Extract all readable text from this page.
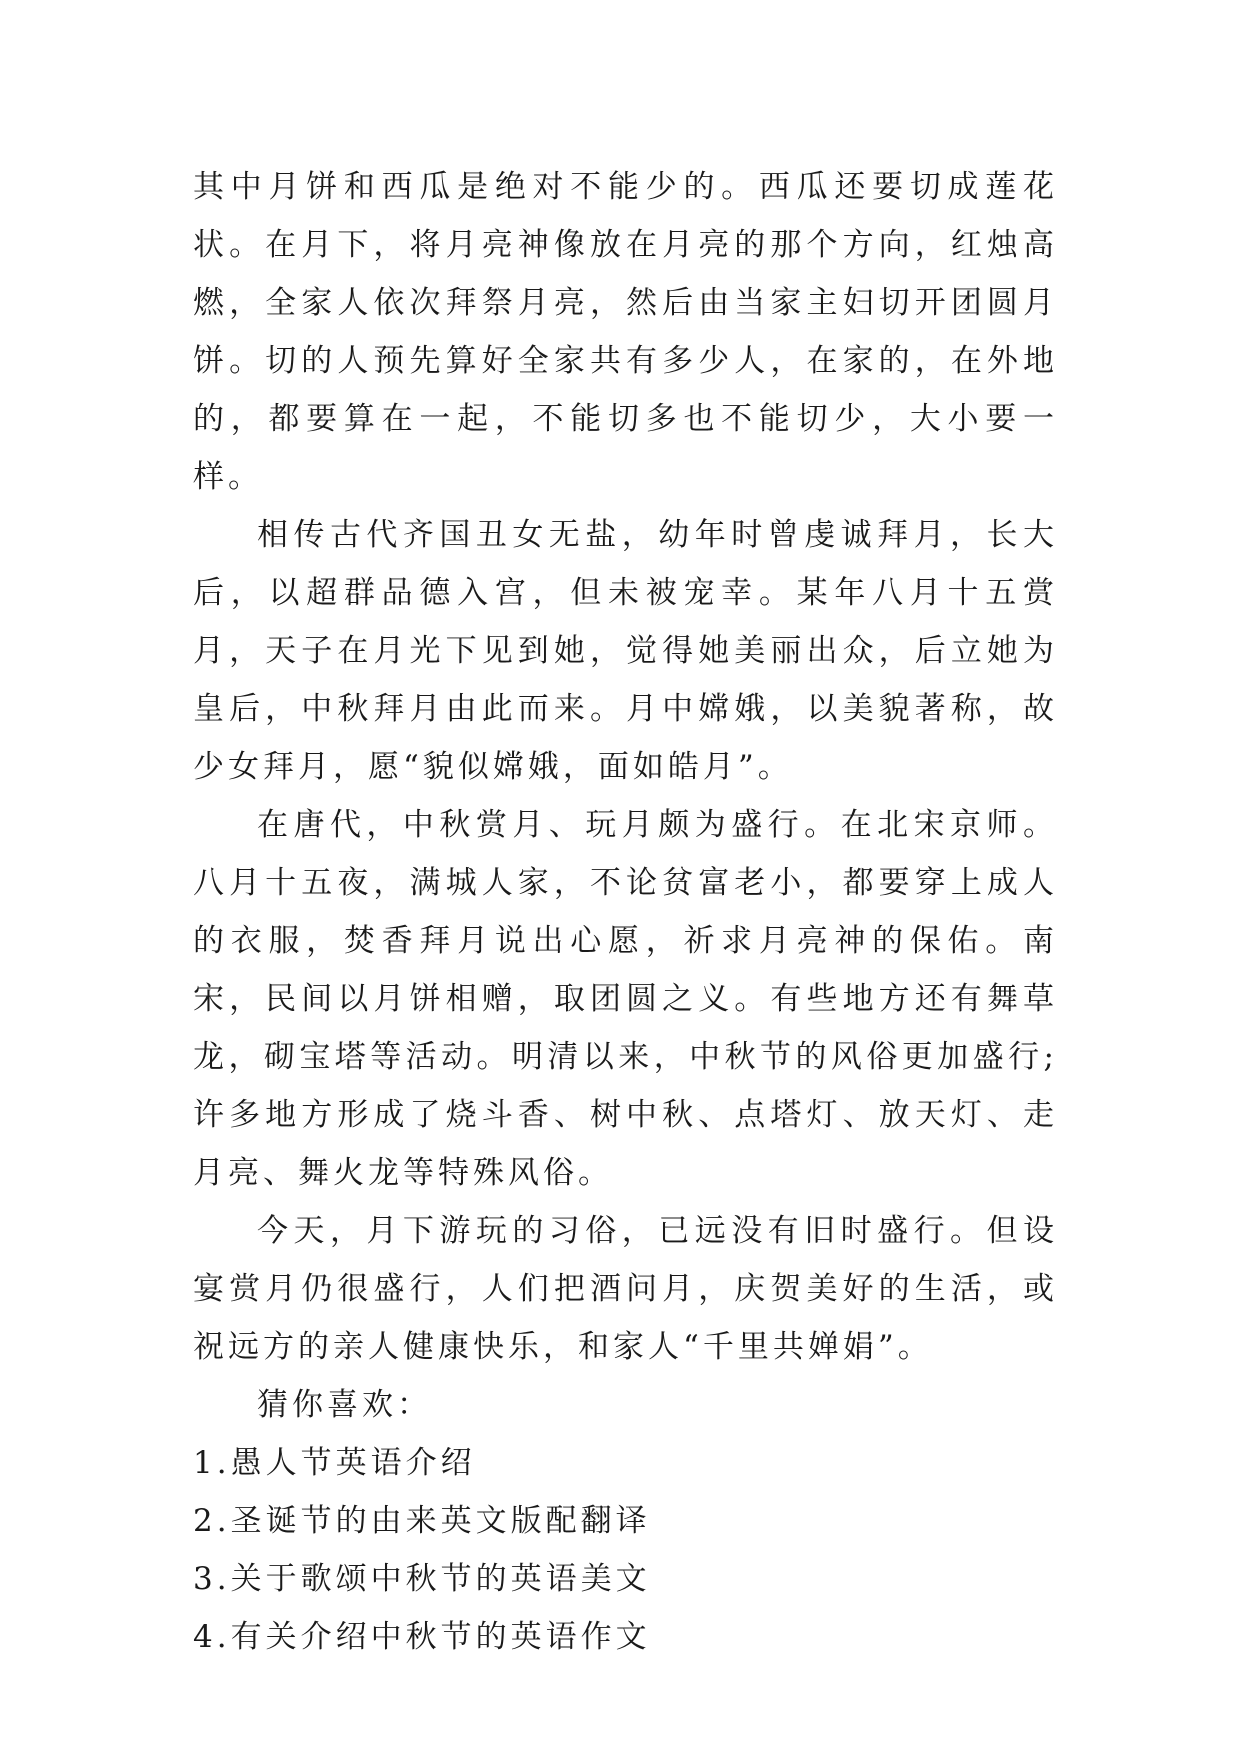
其中月饼和西瓜是绝对不能少的。西瓜还要切成莲花状。在月下，将月亮神像放在月亮的那个方向，红烛高燃，全家人依次拜祭月亮，然后由当家主妇切开团圆月饼。切的人预先算好全家共有多少人，在家的，在外地的，都要算在一起，不能切多也不能切少，大小要一样。

相传古代齐国丑女无盐，幼年时曾虔诚拜月，长大后，以超群品德入宫，但未被宠幸。某年八月十五赏月，天子在月光下见到她，觉得她美丽出众，后立她为皇后，中秋拜月由此而来。月中嫦娥，以美貌著称，故少女拜月，愿“貌似嫦娥，面如皓月”。

在唐代，中秋赏月、玩月颇为盛行。在北宋京师。八月十五夜，满城人家，不论贫富老小，都要穿上成人的衣服，焚香拜月说出心愿，祈求月亮神的保佑。南宋，民间以月饼相赠，取团圆之义。有些地方还有舞草龙，砌宝塔等活动。明清以来，中秋节的风俗更加盛行;许多地方形成了烧斗香、树中秋、点塔灯、放天灯、走月亮、舞火龙等特殊风俗。

今天，月下游玩的习俗，已远没有旧时盛行。但设宴赏月仍很盛行，人们把酒问月，庆贺美好的生活，或祝远方的亲人健康快乐，和家人“千里共婵娟”。

猜你喜欢：

1.愚人节英语介绍

2.圣诞节的由来英文版配翻译

3.关于歌颂中秋节的英语美文

4.有关介绍中秋节的英语作文
